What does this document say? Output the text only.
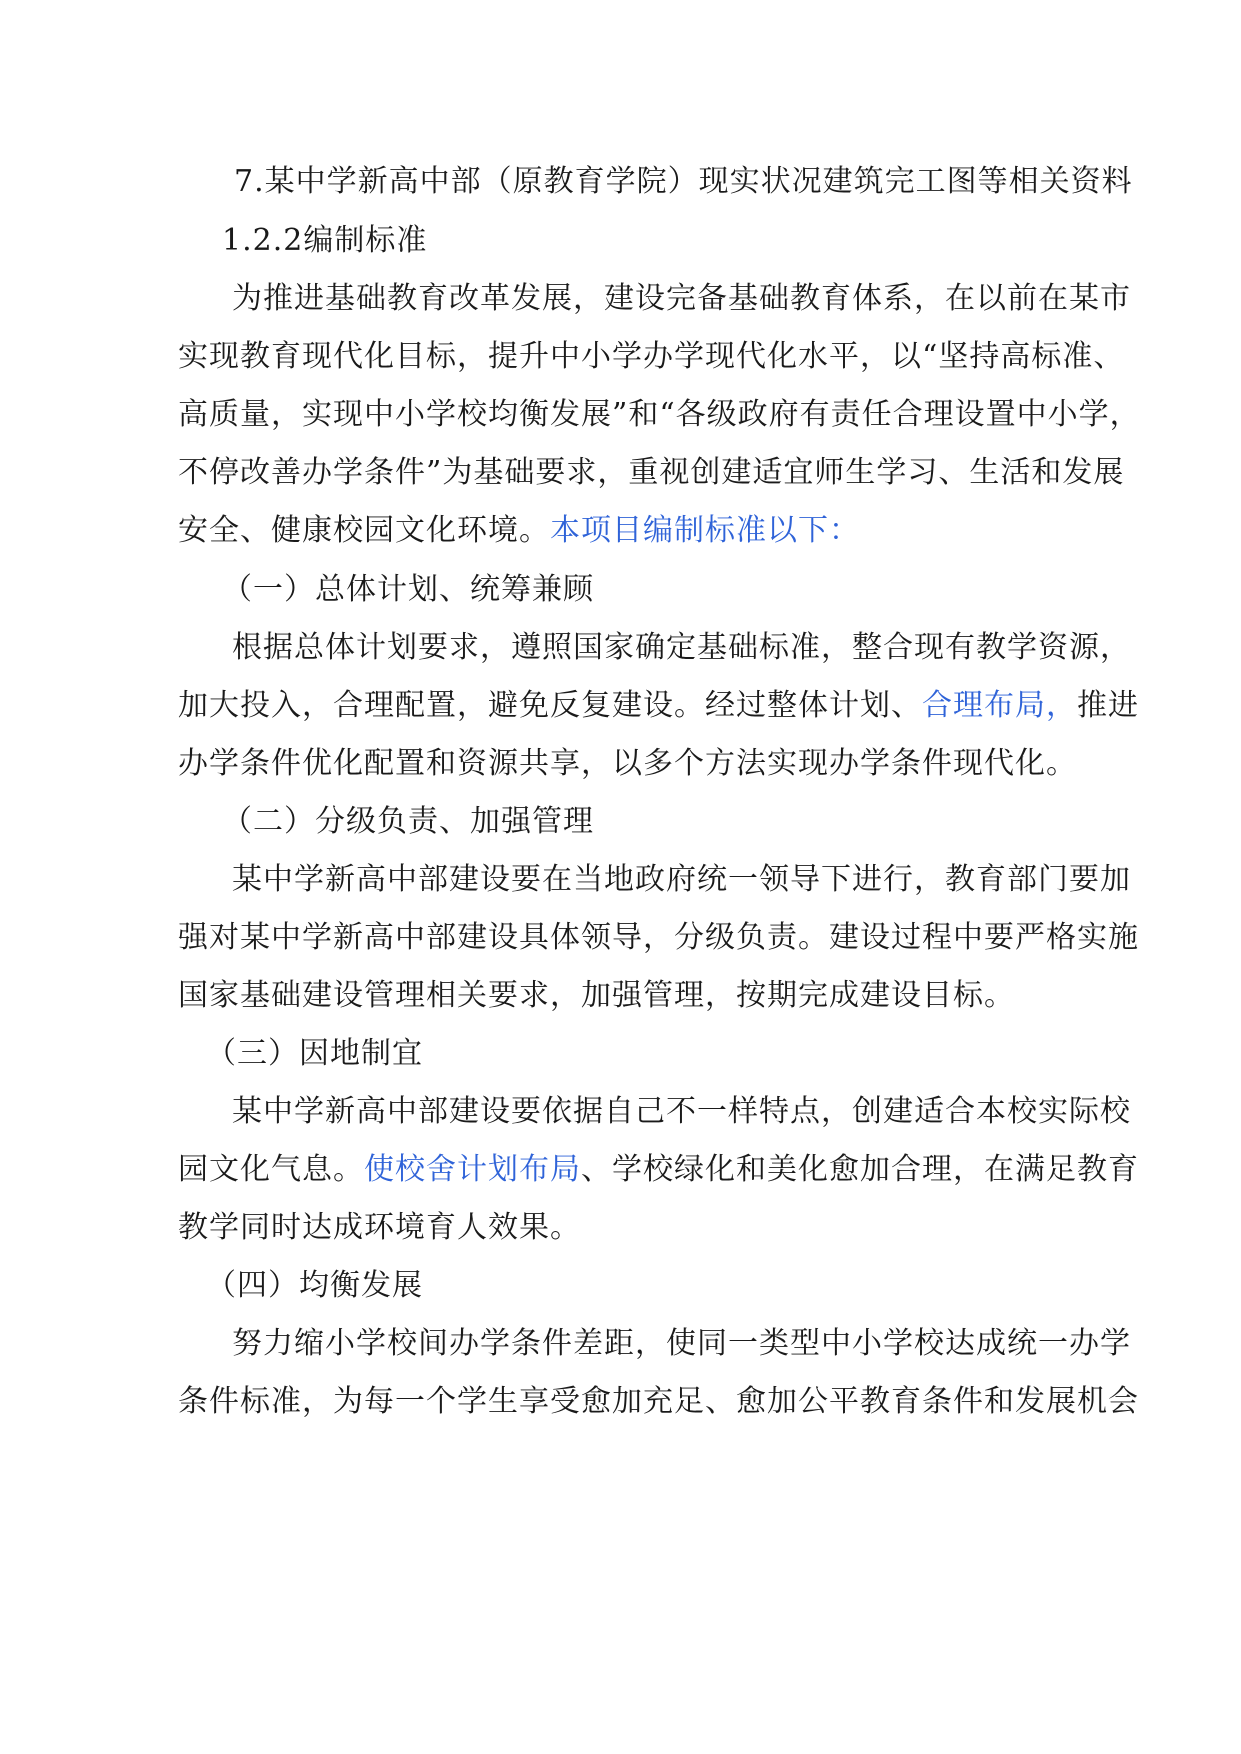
7.某中学新高中部（原教育学院）现实状况建筑完工图等相关资料
1.2.2编制标准
为推进基础教育改革发展，建设完备基础教育体系，在以前在某市
实现教育现代化目标，提升中小学办学现代化水平，以“坚持高标准、
高质量，实现中小学校均衡发展”和“各级政府有责任合理设置中小学，
不停改善办学条件”为基础要求，重视创建适宜师生学习、生活和发展
安全、健康校园文化环境。本项目编制标准以下：
（一）总体计划、统筹兼顾
根据总体计划要求，遵照国家确定基础标准，整合现有教学资源，
加大投入，合理配置，避免反复建设。经过整体计划、合理布局，推进
办学条件优化配置和资源共享，以多个方法实现办学条件现代化。
（二）分级负责、加强管理
某中学新高中部建设要在当地政府统一领导下进行，教育部门要加
强对某中学新高中部建设具体领导，分级负责。建设过程中要严格实施
国家基础建设管理相关要求，加强管理，按期完成建设目标。
（三）因地制宜
某中学新高中部建设要依据自己不一样特点，创建适合本校实际校
园文化气息。使校舍计划布局、学校绿化和美化愈加合理，在满足教育
教学同时达成环境育人效果。
（四）均衡发展
努力缩小学校间办学条件差距，使同一类型中小学校达成统一办学
条件标准，为每一个学生享受愈加充足、愈加公平教育条件和发展机会
